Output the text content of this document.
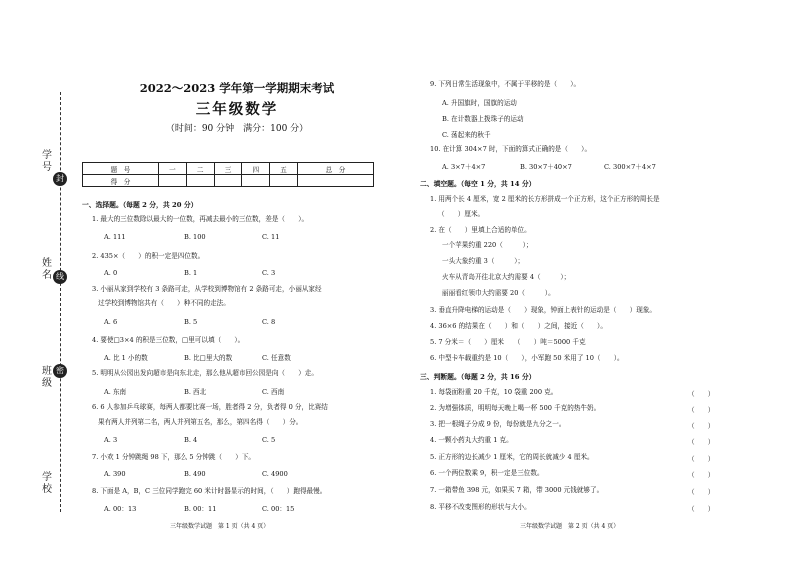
学号
姓名
班级
学校
封
线
密
2022～2023 学年第一学期期末考试
三年级数学
（时间：90 分钟　满分：100 分）
题　号	一	二	三	四	五	总　分
得　分						
一、选择题。（每题 2 分，共 20 分）
1. 最大的三位数除以最大的一位数，再减去最小的三位数，差是（　　）。
A. 111	B. 100	C. 11
2. 435×（　　）的积一定是四位数。
A. 0	B. 1	C. 3
3. 小丽从家到学校有 3 条路可走，从学校到博物馆有 2 条路可走，小丽从家经
过学校到博物馆共有（　　）种不同的走法。
A. 6	B. 5	C. 8
4. 要使□3×4 的积是三位数，□里可以填（　　）。
A. 比 1 小的数	B. 比□里大的数	C. 任意数
5. 明明从公园出发向超市是向东北走，那么他从超市回公园是向（　　）走。
A. 东南	B. 西北	C. 西南
6. 6 人参加乒乓球赛，每两人都要比赛一场，胜者得 2 分，负者得 0 分，比赛结
果有两人并列第二名，两人并列第五名，那么，第四名得（　　）分。
A. 3	B. 4	C. 5
7. 小欢 1 分钟跳绳 98 下，那么 5 分钟跳（　　）下。
A. 390	B. 490	C. 4900
8. 下面是 A，B，C 三位同学跑完 60 米计时器显示的时间，（　　）跑得最慢。
A. 00：13	B. 00：11	C. 00：15
三年级数学试题　第 1 页（共 4 页）
9. 下列日常生活现象中，不属于平移的是（　　）。
A. 升国旗时，国旗的运动
B. 在计数器上拨珠子的运动
C. 荡起来的秋千
10. 在计算 304×7 时，下面的算式正确的是（　　）。
A. 3×7＋4×7	B. 30×7＋40×7	C. 300×7＋4×7
二、填空题。（每空 1 分，共 14 分）
1. 用两个长 4 厘米，宽 2 厘米的长方形拼成一个正方形，这个正方形的周长是
（　　）厘米。
2. 在（　　）里填上合适的单位。
一个苹果约重 220（　　　）；
一头大象约重 3（　　　）；
火车从青岛开往北京大约需要 4（　　　）；
丽丽看红领巾大约需要 20（　　　）。
3. 垂直升降电梯的运动是（　　）现象，钟面上表针的运动是（　　）现象。
4. 36×6 的结果在（　　）和（　　）之间，接近（　　）。
5. 7 分米＝（　　）厘米　　（　　）吨＝5000 千克
6. 中型卡车载重约是 10（　　），小军跑 50 米用了 10（　　）。
三、判断题。（每题 2 分，共 16 分）
1. 每袋面粉重 20 千克，10 袋重 200 克。	（　　）
2. 为增强体质，明明每天晚上喝一杯 500 千克的热牛奶。	（　　）
3. 把一根绳子分成 9 份，每份就是九分之一。	（　　）
4. 一颗小药丸大约重 1 克。	（　　）
5. 正方形的边长减少 1 厘米，它的周长就减少 4 厘米。	（　　）
6. 一个两位数乘 9，积一定是三位数。	（　　）
7. 一箱带鱼 398 元，如果买 7 箱，带 3000 元钱就够了。	（　　）
8. 平移不改变图形的形状与大小。	（　　）
三年级数学试题　第 2 页（共 4 页）
